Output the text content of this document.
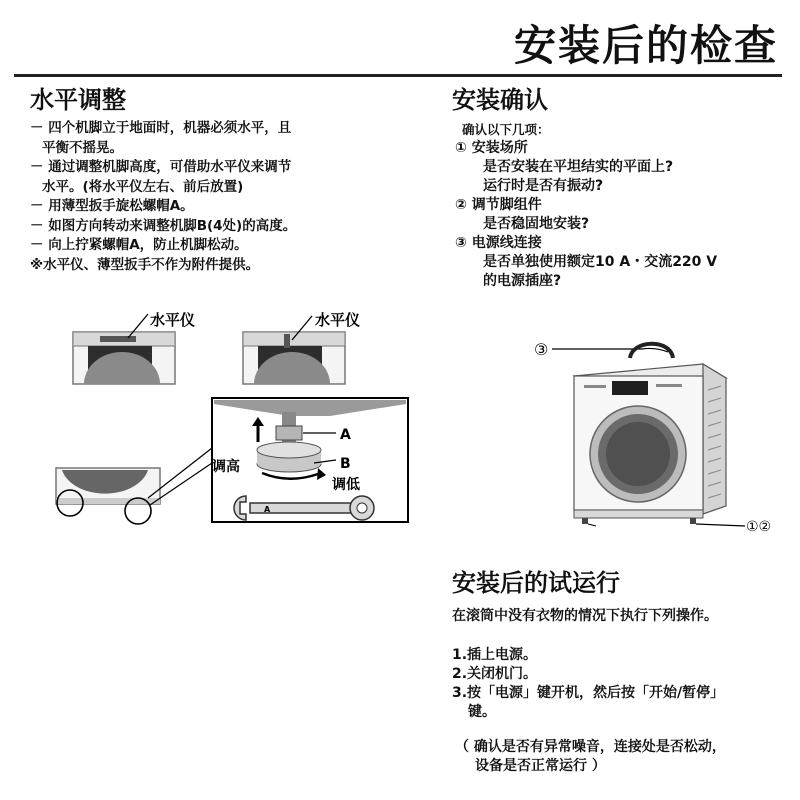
安装后的检查
水平调整
－ 四个机脚立于地面时，机器必须水平，且
平衡不摇晃。
－ 通过调整机脚高度，可借助水平仪来调节
水平。(将水平仪左右、前后放置)
－ 用薄型扳手旋松螺帽A。
－ 如图方向转动来调整机脚B(4处)的高度。
－ 向上拧紧螺帽A，防止机脚松动。
※水平仪、薄型扳手不作为附件提供。
安装确认
确认以下几项：
① 安装场所
是否安装在平坦结实的平面上?
运行时是否有振动?
② 调节脚组件
是否稳固地安装?
③ 电源线连接
是否单独使用额定10 A・交流220 V
的电源插座?
水平仪	水平仪
A
A
B
调高
调低
③
①②
安装后的试运行
在滚筒中没有衣物的情况下执行下列操作。
1.插上电源。
2.关闭机门。
3.按「电源」键开机，然后按「开始/暂停」
键。
（ 确认是否有异常噪音，连接处是否松动，
设备是否正常运行 ）
